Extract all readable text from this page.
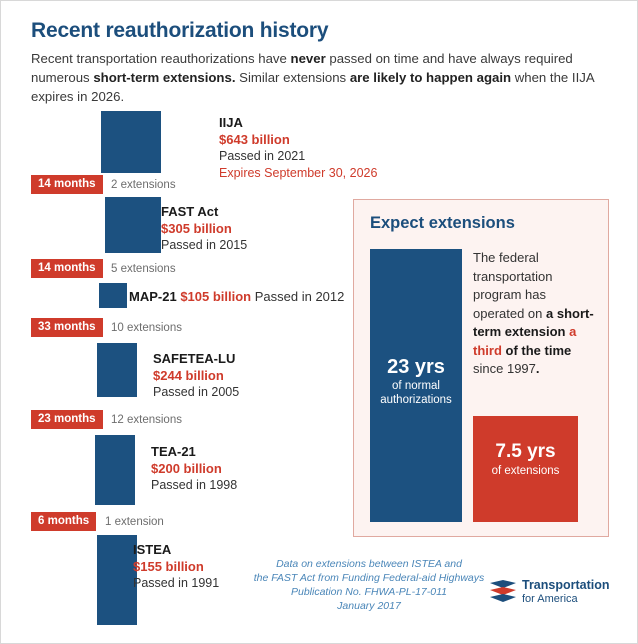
Recent reauthorization history
Recent transportation reauthorizations have never passed on time and have always required numerous short-term extensions. Similar extensions are likely to happen again when the IIJA expires in 2026.
IIJA
$643 billion
Passed in 2021
Expires September 30, 2026
14 months	2 extensions
FAST Act
$305 billion
Passed in 2015
14 months	5 extensions
MAP-21 $105 billion Passed in 2012
33 months	10 extensions
SAFETEA-LU
$244 billion
Passed in 2005
23 months	12 extensions
TEA-21
$200 billion
Passed in 1998
6 months	1 extension
ISTEA
$155 billion
Passed in 1991
Expect extensions
23 yrs
of normal
authorizations
The federal transportation program has operated on a short-term extension a third of the time since 1997.
7.5 yrs
of extensions
Data on extensions between ISTEA and
the FAST Act from Funding Federal-aid Highways
Publication No. FHWA-PL-17-011
January 2017
Transportation
for America
